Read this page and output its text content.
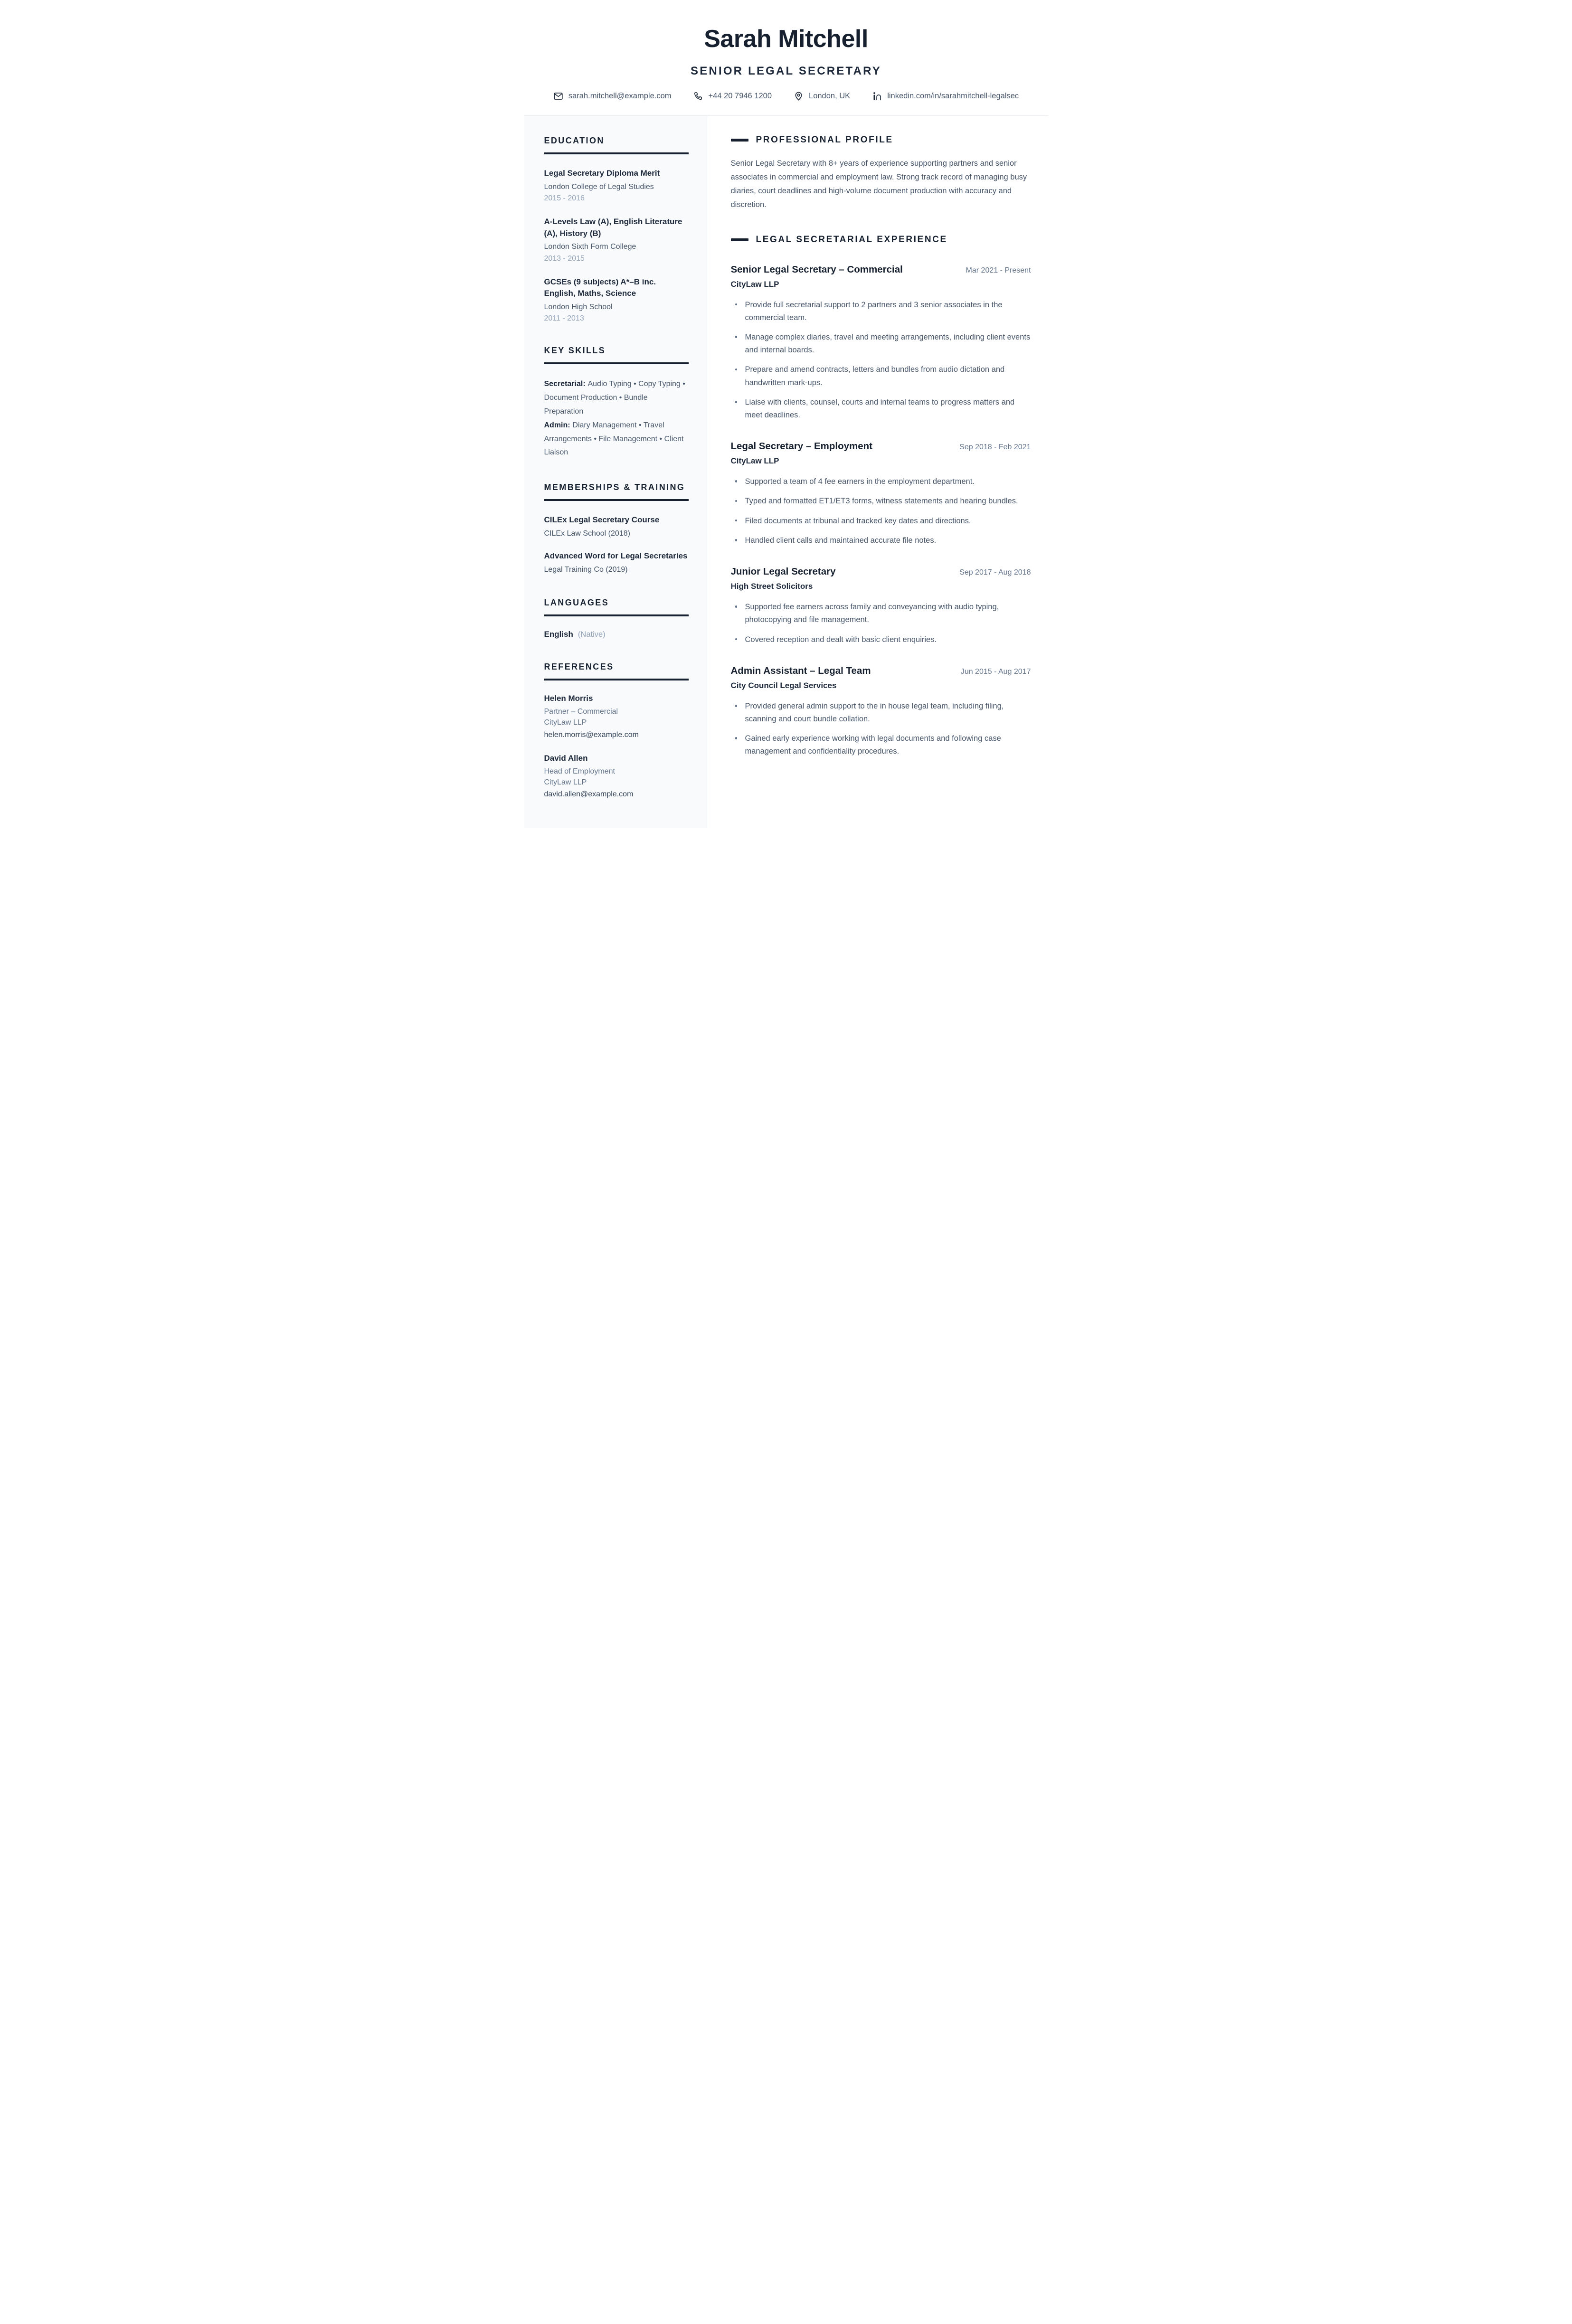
Sarah Mitchell
SENIOR LEGAL SECRETARY
sarah.mitchell@example.com	+44 20 7946 1200	London, UK	linkedin.com/in/sarahmitchell-legalsec
EDUCATION
Legal Secretary Diploma Merit
London College of Legal Studies
2015 - 2016
A-Levels Law (A), English Literature (A), History (B)
London Sixth Form College
2013 - 2015
GCSEs (9 subjects) A*–B inc. English, Maths, Science
London High School
2011 - 2013
KEY SKILLS

Secretarial: Audio Typing • Copy Typing • Document Production • Bundle Preparation

Admin: Diary Management • Travel Arrangements • File Management • Client Liaison

MEMBERSHIPS & TRAINING
CILEx Legal Secretary Course
CILEx Law School (2018)
Advanced Word for Legal Secretaries
Legal Training Co (2019)
LANGUAGES
English (Native)
REFERENCES
Helen Morris
Partner – Commercial
CityLaw LLP
helen.morris@example.com
David Allen
Head of Employment
CityLaw LLP
david.allen@example.com
PROFESSIONAL PROFILE

Senior Legal Secretary with 8+ years of experience supporting partners and senior associates in commercial and employment law. Strong track record of managing busy diaries, court deadlines and high-volume document production with accuracy and discretion.

LEGAL SECRETARIAL EXPERIENCE
Senior Legal Secretary – Commercial	Mar 2021 - Present
CityLaw LLP
Provide full secretarial support to 2 partners and 3 senior associates in the commercial team.
Manage complex diaries, travel and meeting arrangements, including client events and internal boards.
Prepare and amend contracts, letters and bundles from audio dictation and handwritten mark-ups.
Liaise with clients, counsel, courts and internal teams to progress matters and meet deadlines.
Legal Secretary – Employment	Sep 2018 - Feb 2021
CityLaw LLP
Supported a team of 4 fee earners in the employment department.
Typed and formatted ET1/ET3 forms, witness statements and hearing bundles.
Filed documents at tribunal and tracked key dates and directions.
Handled client calls and maintained accurate file notes.
Junior Legal Secretary	Sep 2017 - Aug 2018
High Street Solicitors
Supported fee earners across family and conveyancing with audio typing, photocopying and file management.
Covered reception and dealt with basic client enquiries.
Admin Assistant – Legal Team	Jun 2015 - Aug 2017
City Council Legal Services
Provided general admin support to the in house legal team, including filing, scanning and court bundle collation.
Gained early experience working with legal documents and following case management and confidentiality procedures.
